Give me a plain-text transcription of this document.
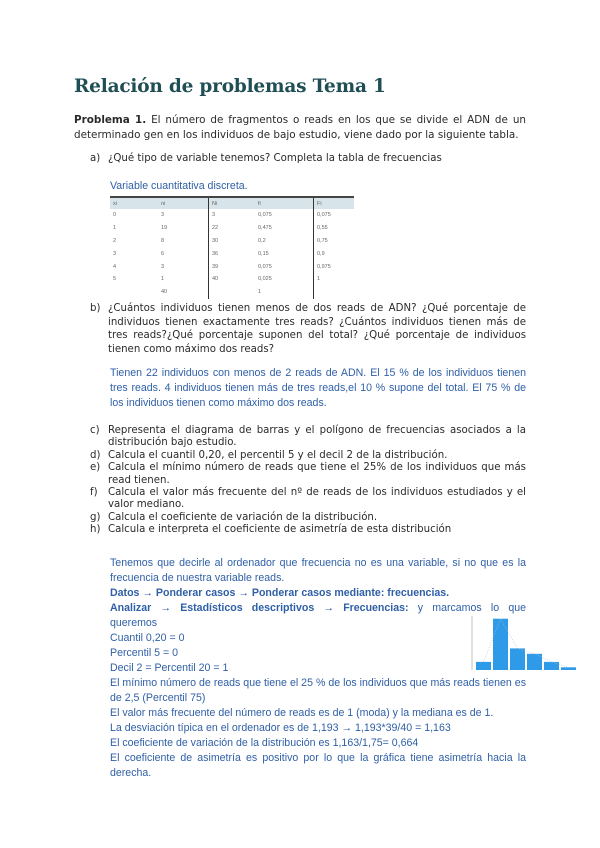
Relación de problemas Tema 1
Problema 1. El número de fragmentos o reads en los que se divide el ADN de un determinado gen en los individuos de bajo estudio, viene dado por la siguiente tabla.
a) ¿Qué tipo de variable tenemos? Completa la tabla de frecuencias
Variable cuantitativa discreta.
xi	ni	Ni	fi	Fi
0	3	3	0,075	0,075
1	19	22	0,475	0,55
2	8	30	0,2	0,75
3	6	36	0,15	0,9
4	3	39	0,075	0,975
5	1	40	0,025	1
	40		1	
b) ¿Cuántos individuos tienen menos de dos reads de ADN? ¿Qué porcentaje de individuos tienen exactamente tres reads? ¿Cuántos individuos tienen más de tres reads?¿Qué porcentaje suponen del total? ¿Qué porcentaje de individuos tienen como máximo dos reads?
Tienen 22 individuos con menos de 2 reads de ADN. El 15 % de los individuos tienen tres reads. 4 individuos tienen más de tres reads,el 10 % supone del total. El 75 % de los individuos tienen como máximo dos reads.
c) Representa el diagrama de barras y el polígono de frecuencias asociados a la distribución bajo estudio.
d) Calcula el cuantil 0,20, el percentil 5 y el decil 2 de la distribución.
e) Calcula el mínimo número de reads que tiene el 25% de los individuos que más read tienen.
f) Calcula el valor más frecuente del nº de reads de los individuos estudiados y el valor mediano.
g) Calcula el coeficiente de variación de la distribución.
h) Calcula e interpreta el coeficiente de asimetría de esta distribución
Tenemos que decirle al ordenador que frecuencia no es una variable, si no que es la frecuencia de nuestra variable reads.
Datos → Ponderar casos → Ponderar casos mediante: frecuencias.
Analizar → Estadísticos descriptivos → Frecuencias: y marcamos lo que queremos
Cuantil 0,20 = 0
Percentil 5 = 0
Decil 2 = Percentil 20 = 1
El mínimo número de reads que tiene el 25 % de los individuos que más reads tienen es de 2,5 (Percentil 75)
El valor más frecuente del número de reads es de 1 (moda) y la mediana es de 1.
La desviación típica en el ordenador es de 1,193 → 1,193*39/40 = 1,163
El coeficiente de variación de la distribución es 1,163/1,75= 0,664
El coeficiente de asimetría es positivo por lo que la gráfica tiene asimetría hacia la derecha.
